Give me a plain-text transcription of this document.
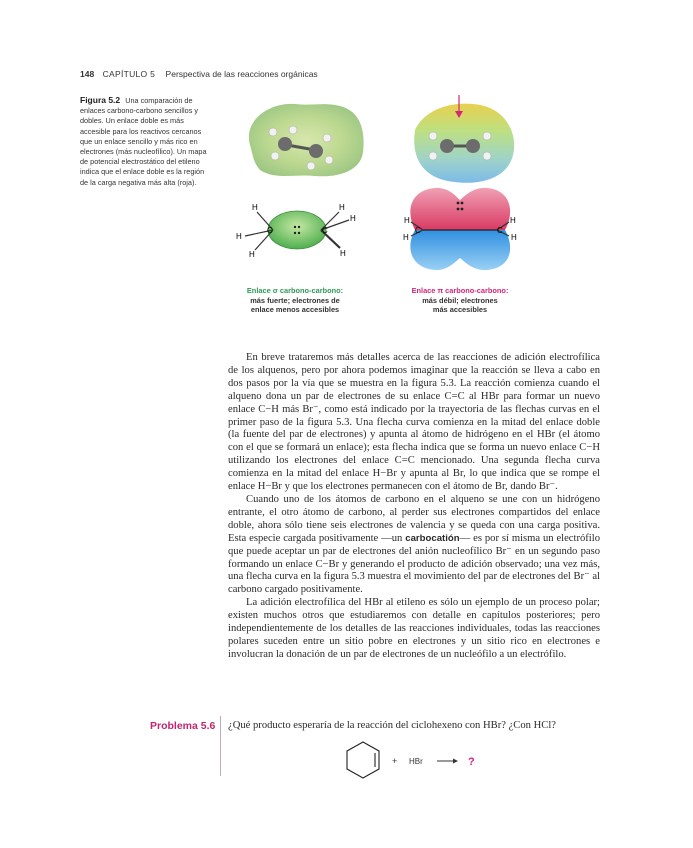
148 CAPÍTULO 5 Perspectiva de las reacciones orgánicas
Figura 5.2 Una comparación de enlaces carbono-carbono sencillos y dobles. Un enlace doble es más accesible para los reactivos cercanos que un enlace sencillo y más rico en electrones (más nucleofílico). Un mapa de potencial electrostático del etileno indica que el enlace doble es la región de la carga negativa más alta (roja).
C	C
H
H
H
H
H
H
C	C
H
H
H
H
Enlace σ carbono-carbono:
más fuerte; electrones de
enlace menos accesibles
Enlace π carbono-carbono:
más débil; electrones
más accesibles

En breve trataremos más detalles acerca de las reacciones de adición electrofílica de los alquenos, pero por ahora podemos imaginar que la reacción se lleva a cabo en dos pasos por la vía que se muestra en la figura 5.3. La reacción comienza cuando el alqueno dona un par de electrones de su enlace C=C al HBr para formar un nuevo enlace C−H más Br⁻, como está indicado por la trayectoria de las flechas curvas en el primer paso de la figura 5.3. Una flecha curva comienza en la mitad del enlace doble (la fuente del par de electrones) y apunta al átomo de hidrógeno en el HBr (el átomo con el que se formará un enlace); esta flecha indica que se forma un nuevo enlace C−H utilizando los electrones del enlace C=C mencionado. Una segunda flecha curva comienza en la mitad del enlace H−Br y apunta al Br, lo que indica que se rompe el enlace H−Br y que los electrones permanecen con el átomo de Br, dando Br⁻.

Cuando uno de los átomos de carbono en el alqueno se une con un hidrógeno entrante, el otro átomo de carbono, al perder sus electrones compartidos del enlace doble, ahora sólo tiene seis electrones de valencia y se queda con una carga positiva. Esta especie cargada positivamente —un carbocatión— es por sí misma un electrófilo que puede aceptar un par de electrones del anión nucleofílico Br⁻ en un segundo paso formando un enlace C−Br y generando el producto de adición observado; una vez más, una flecha curva en la figura 5.3 muestra el movimiento del par de electrones del Br⁻ al carbono cargado positivamente.

La adición electrofílica del HBr al etileno es sólo un ejemplo de un proceso polar; existen muchos otros que estudiaremos con detalle en capítulos posteriores; pero independientemente de los detalles de las reacciones individuales, todas las reacciones polares suceden entre un sitio pobre en electrones y un sitio rico en electrones e involucran la donación de un par de electrones de un nucleófilo a un electrófilo.

Problema 5.6 ¿Qué producto esperaría de la reacción del ciclohexeno con HBr? ¿Con HCl?
+ HBr	?
